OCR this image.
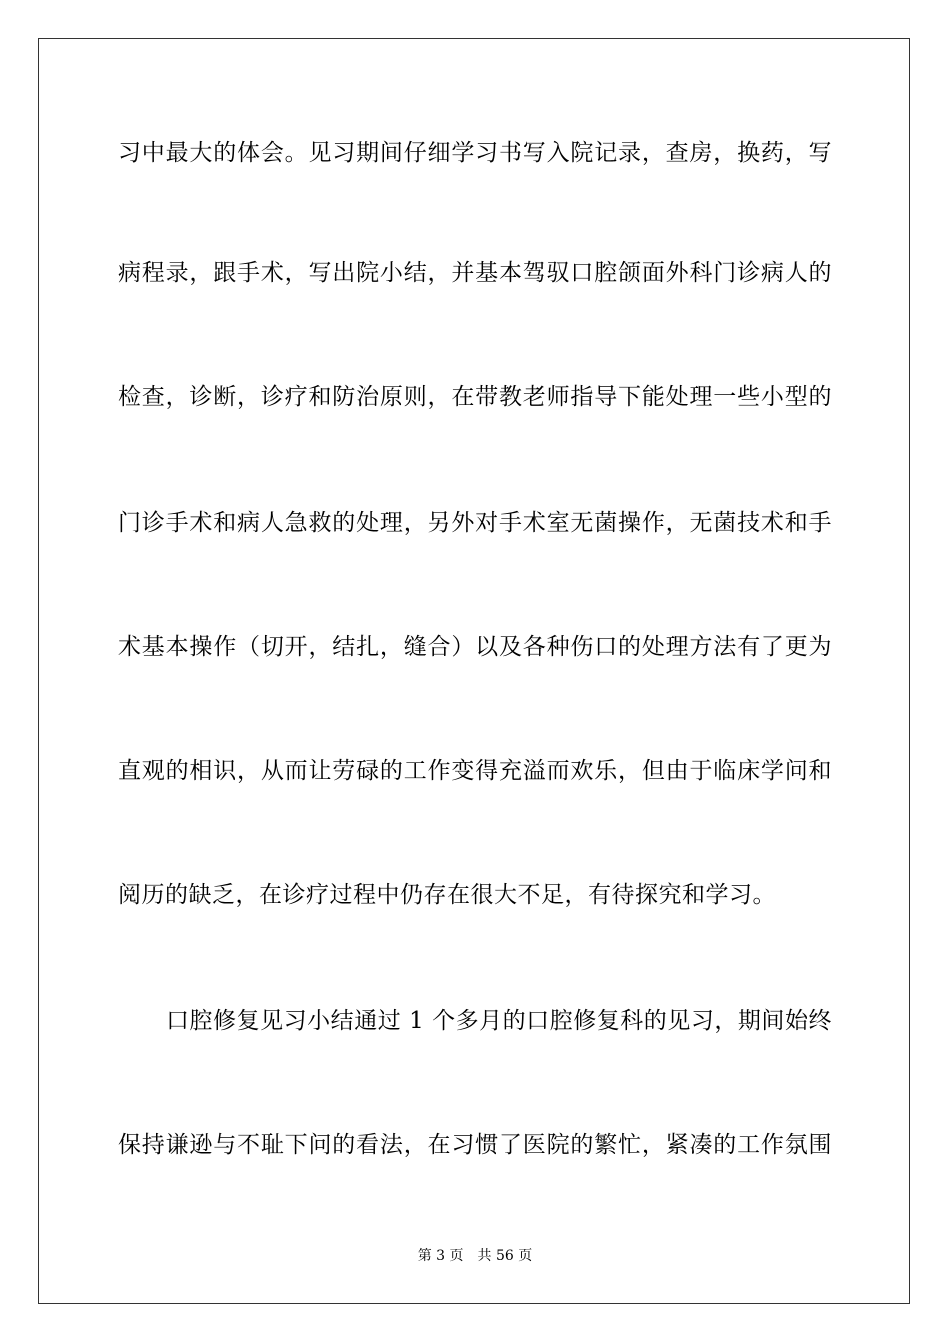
习中最大的体会。见习期间仔细学习书写入院记录，查房，换药，写
病程录，跟手术，写出院小结，并基本驾驭口腔颌面外科门诊病人的
检查，诊断，诊疗和防治原则，在带教老师指导下能处理一些小型的
门诊手术和病人急救的处理，另外对手术室无菌操作，无菌技术和手
术基本操作（切开，结扎，缝合）以及各种伤口的处理方法有了更为
直观的相识，从而让劳碌的工作变得充溢而欢乐，但由于临床学问和
阅历的缺乏，在诊疗过程中仍存在很大不足，有待探究和学习。
口腔修复见习小结通过 1 个多月的口腔修复科的见习，期间始终
保持谦逊与不耻下问的看法，在习惯了医院的繁忙，紧凑的工作氛围
第 3 页 共 56 页
